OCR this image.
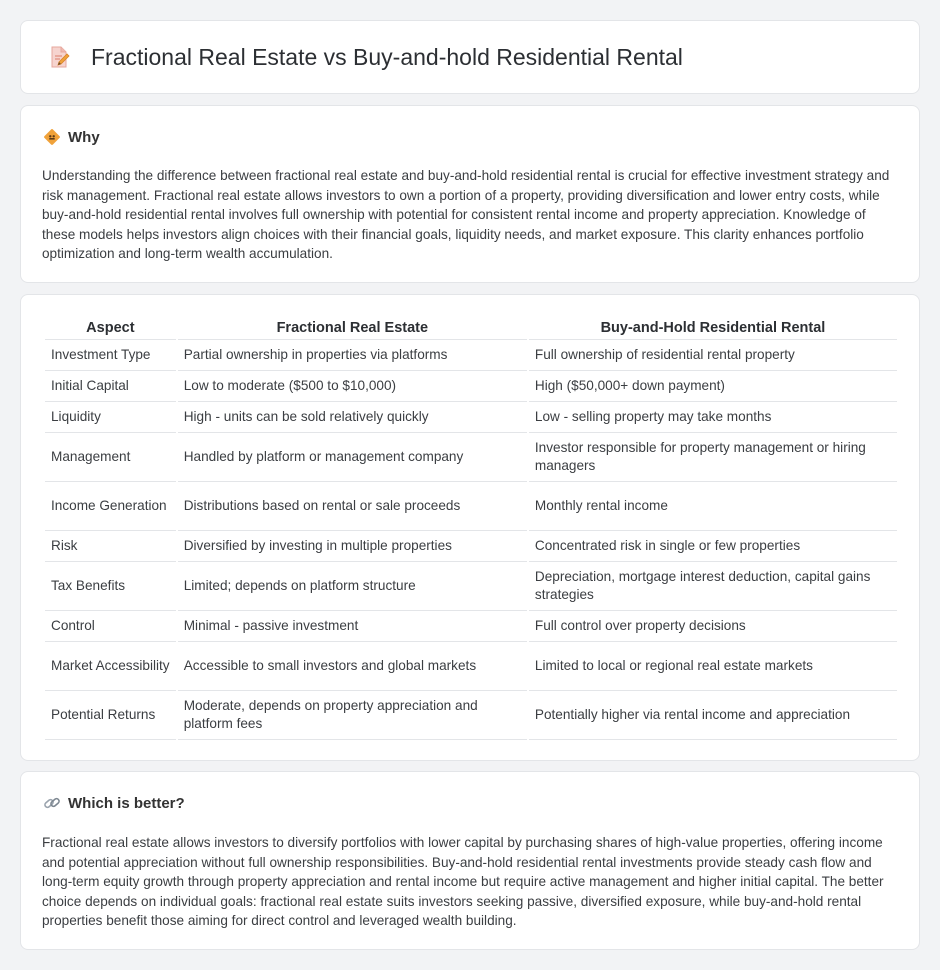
Fractional Real Estate vs Buy-and-hold Residential Rental
Why

Understanding the difference between fractional real estate and buy-and-hold residential rental is crucial for effective investment strategy and risk management. Fractional real estate allows investors to own a portion of a property, providing diversification and lower entry costs, while buy-and-hold residential rental involves full ownership with potential for consistent rental income and property appreciation. Knowledge of these models helps investors align choices with their financial goals, liquidity needs, and market exposure. This clarity enhances portfolio optimization and long-term wealth accumulation.

Aspect	Fractional Real Estate	Buy-and-Hold Residential Rental
Investment Type	Partial ownership in properties via platforms	Full ownership of residential rental property
Initial Capital	Low to moderate ($500 to $10,000)	High ($50,000+ down payment)
Liquidity	High - units can be sold relatively quickly	Low - selling property may take months
Management	Handled by platform or management company	Investor responsible for property management or hiring managers
Income Generation	Distributions based on rental or sale proceeds	Monthly rental income
Risk	Diversified by investing in multiple properties	Concentrated risk in single or few properties
Tax Benefits	Limited; depends on platform structure	Depreciation, mortgage interest deduction, capital gains strategies
Control	Minimal - passive investment	Full control over property decisions
Market Accessibility	Accessible to small investors and global markets	Limited to local or regional real estate markets
Potential Returns	Moderate, depends on property appreciation and platform fees	Potentially higher via rental income and appreciation
Which is better?

Fractional real estate allows investors to diversify portfolios with lower capital by purchasing shares of high-value properties, offering income and potential appreciation without full ownership responsibilities. Buy-and-hold residential rental investments provide steady cash flow and long-term equity growth through property appreciation and rental income but require active management and higher initial capital. The better choice depends on individual goals: fractional real estate suits investors seeking passive, diversified exposure, while buy-and-hold rental properties benefit those aiming for direct control and leveraged wealth building.
